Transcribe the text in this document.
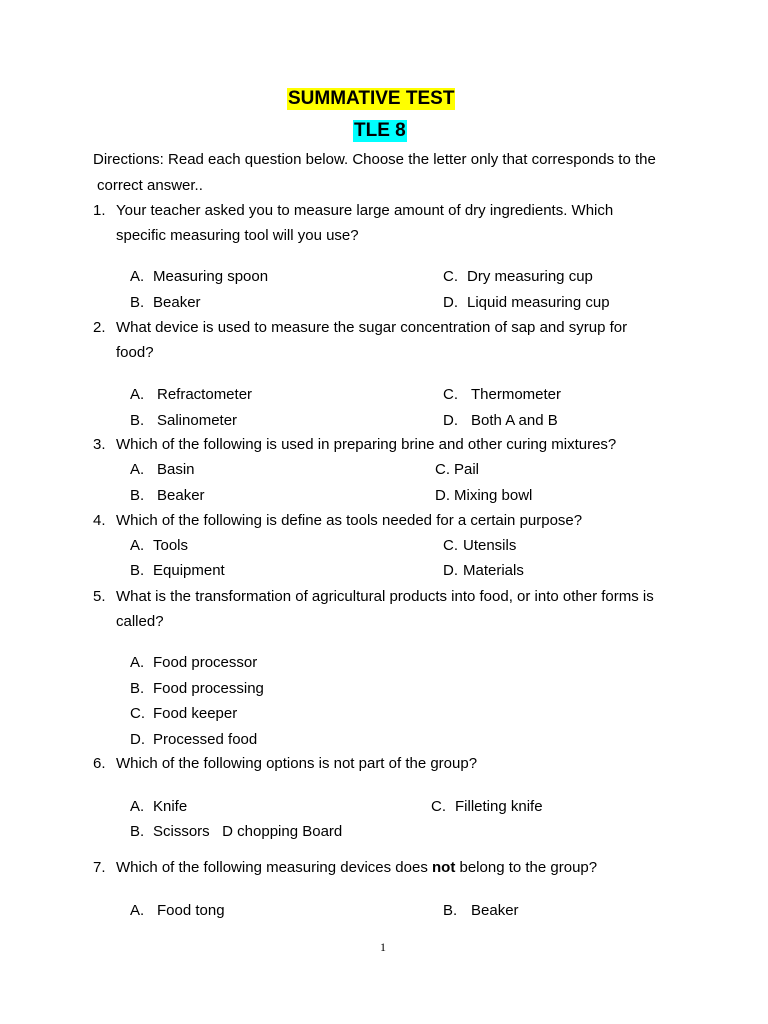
SUMMATIVE TEST
TLE 8
Directions: Read each question below. Choose the letter only that corresponds to the
correct answer..
1. Your teacher asked you to measure large amount of dry ingredients. Which
specific measuring tool will you use?
A. Measuring spoon	C. Dry measuring cup
B. Beaker	D. Liquid measuring cup
2. What device is used to measure the sugar concentration of sap and syrup for
food?
A. Refractometer	C. Thermometer
B. Salinometer	D. Both A and B
3. Which of the following is used in preparing brine and other curing mixtures?
A. Basin	C. Pail
B. Beaker	D. Mixing bowl
4. Which of the following is define as tools needed for a certain purpose?
A. Tools	C. Utensils
B. Equipment	D. Materials
5. What is the transformation of agricultural products into food, or into other forms is
called?
A. Food processor
B. Food processing
C. Food keeper
D. Processed food
6. Which of the following options is not part of the group?
A. Knife	C. Filleting knife
B. Scissors   D chopping Board
7. Which of the following measuring devices does not belong to the group?
A. Food tong	B. Beaker
1
